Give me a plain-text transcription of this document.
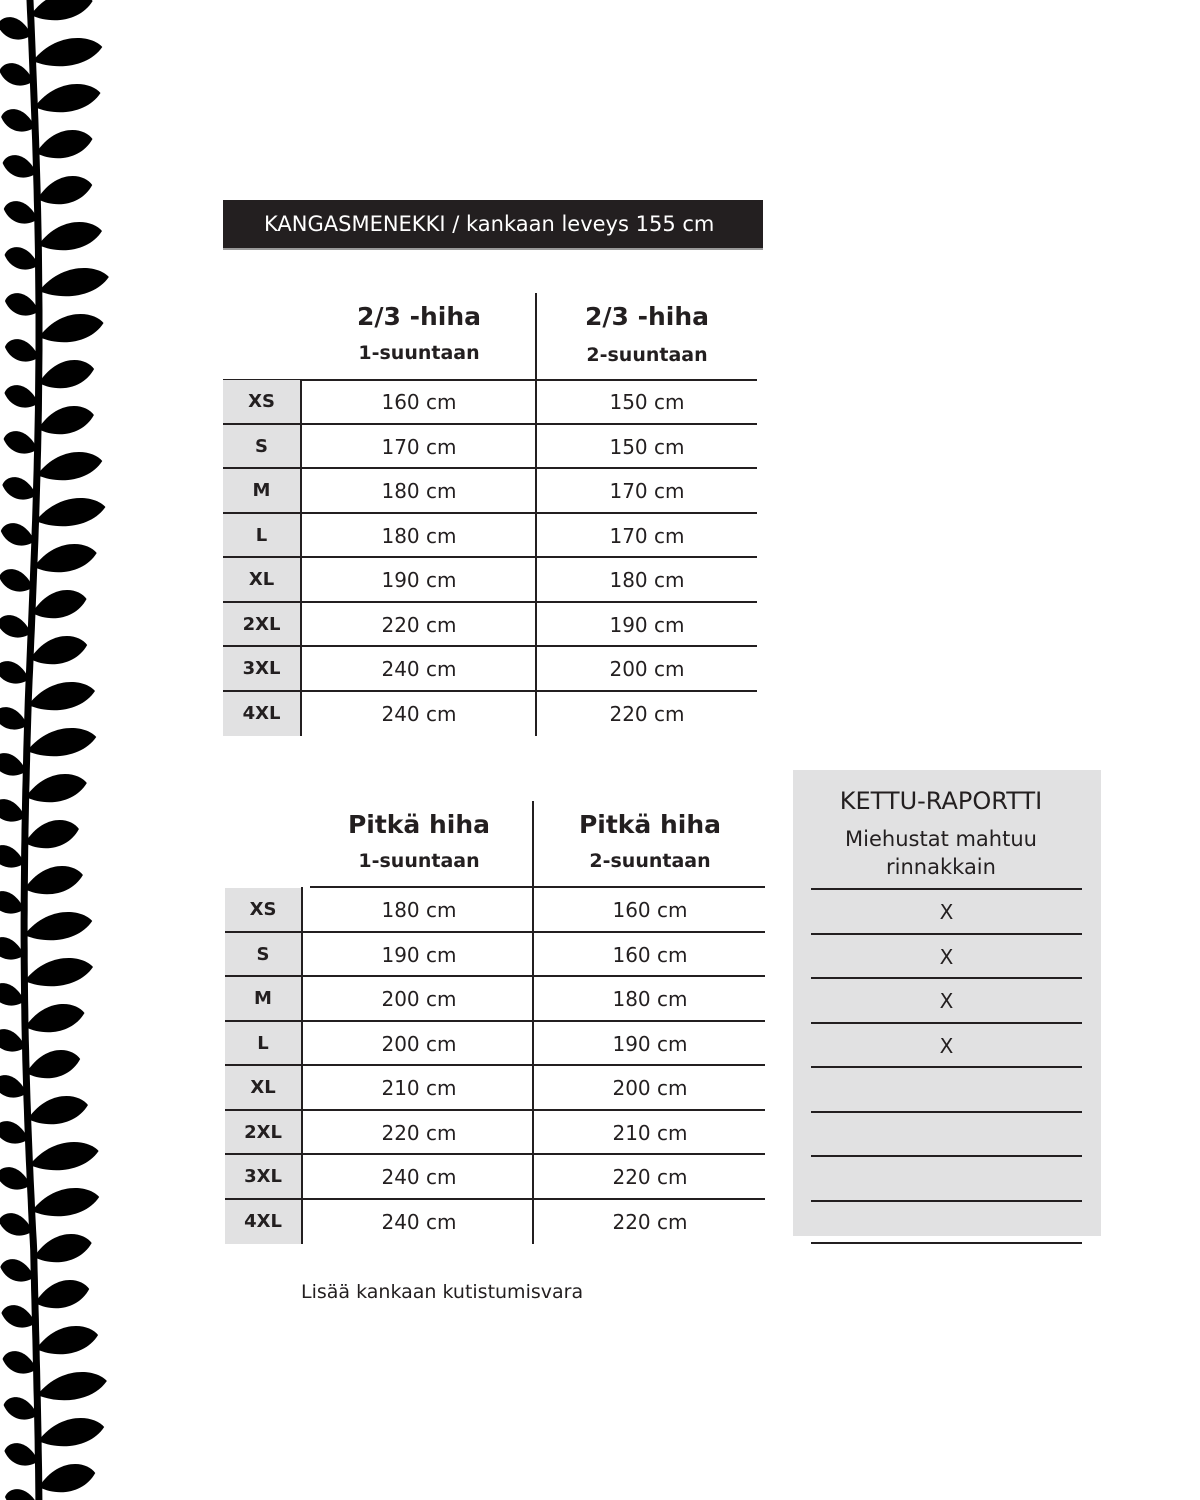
KANGASMENEKKI / kankaan leveys 155 cm
2/3 -hiha
1-suuntaan
2/3 -hiha
2-suuntaan
XS	160 cm	150 cm
S	170 cm	150 cm
M	180 cm	170 cm
L	180 cm	170 cm
XL	190 cm	180 cm
2XL	220 cm	190 cm
3XL	240 cm	200 cm
4XL	240 cm	220 cm
Pitkä hiha
1-suuntaan
Pitkä hiha
2-suuntaan
XS	180 cm	160 cm
S	190 cm	160 cm
M	200 cm	180 cm
L	200 cm	190 cm
XL	210 cm	200 cm
2XL	220 cm	210 cm
3XL	240 cm	220 cm
4XL	240 cm	220 cm
KETTU-RAPORTTI
Miehustat mahtuu
rinnakkain
X
X
X
X
Lisää kankaan kutistumisvara
